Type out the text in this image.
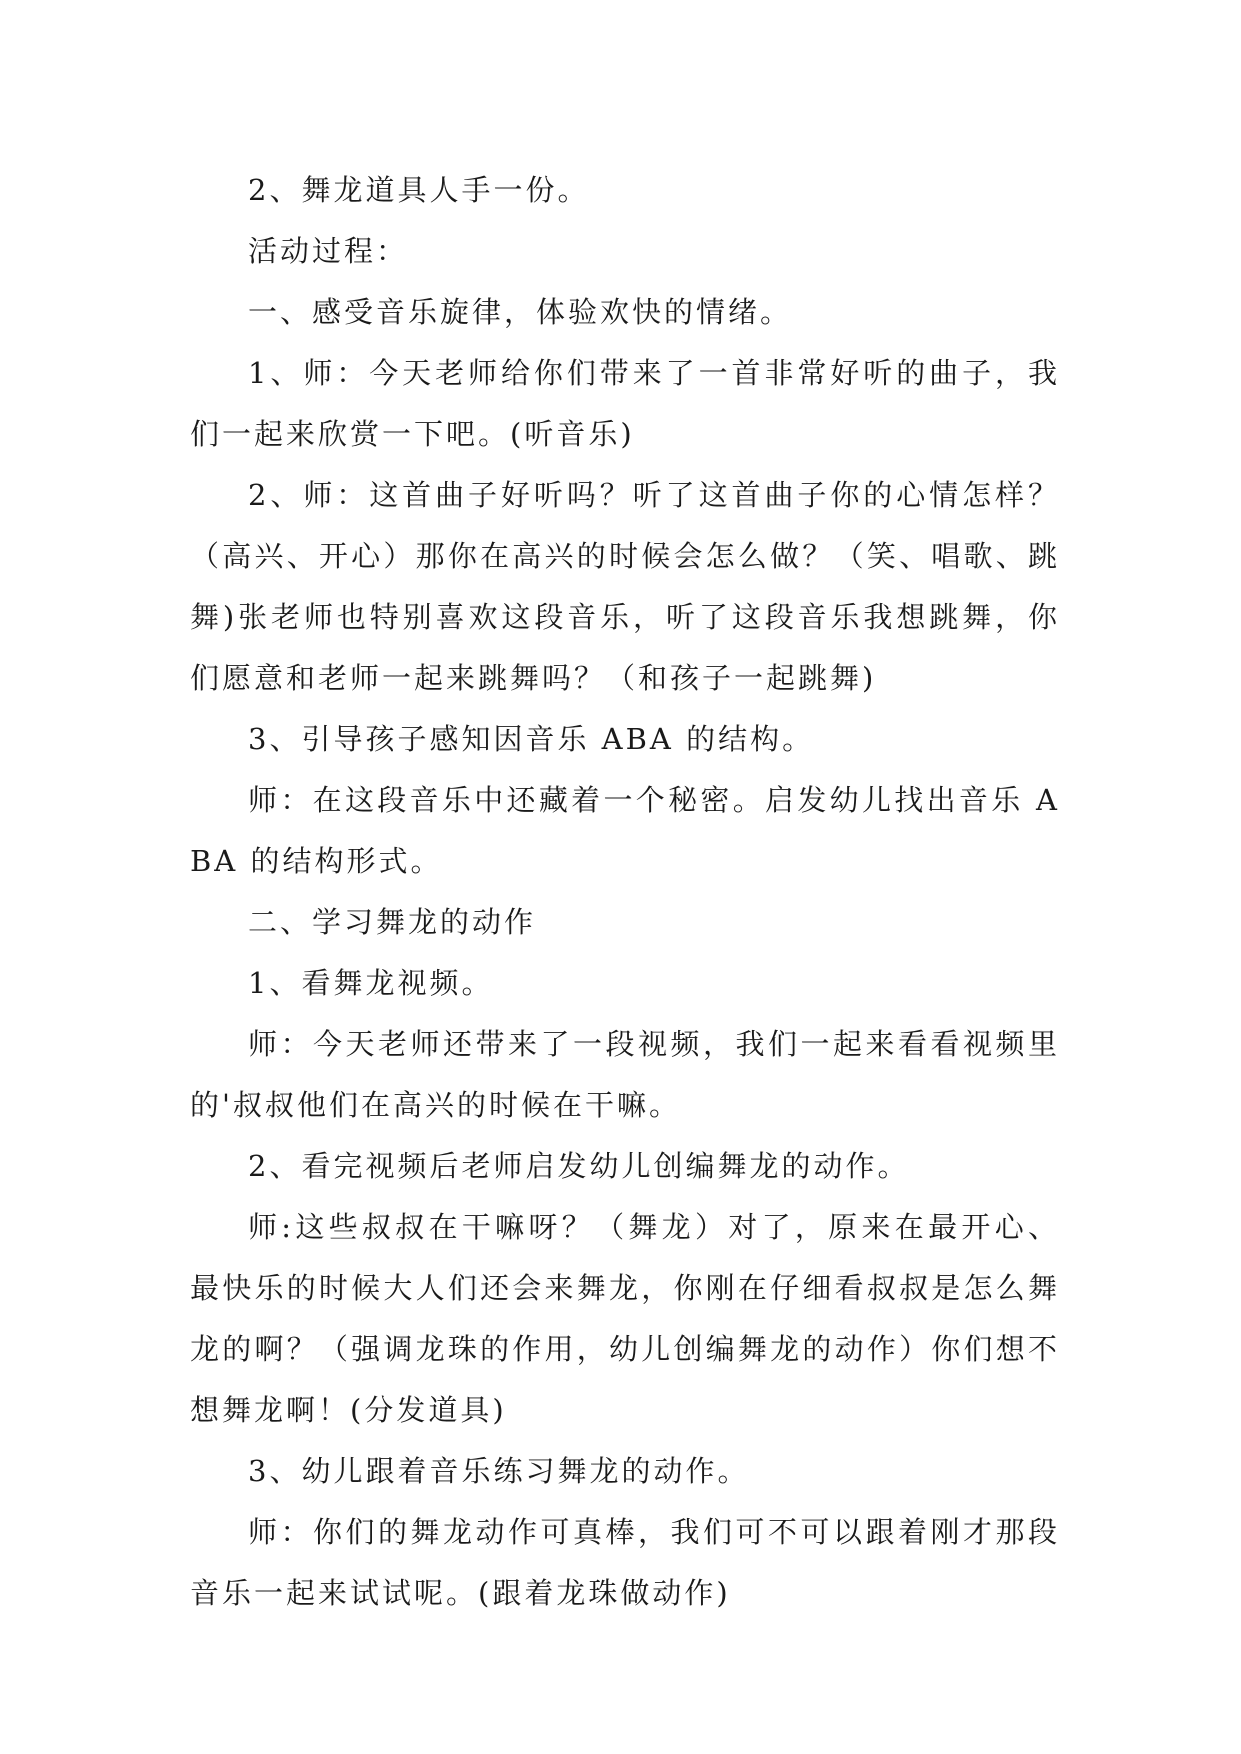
2、舞龙道具人手一份。

活动过程：

一、感受音乐旋律，体验欢快的情绪。

1、师：今天老师给你们带来了一首非常好听的曲子，我们一起来欣赏一下吧。(听音乐)

2、师：这首曲子好听吗？听了这首曲子你的心情怎样？（高兴、开心）那你在高兴的时候会怎么做？（笑、唱歌、跳舞)张老师也特别喜欢这段音乐，听了这段音乐我想跳舞，你们愿意和老师一起来跳舞吗？（和孩子一起跳舞)

3、引导孩子感知因音乐 ABA 的结构。

师：在这段音乐中还藏着一个秘密。启发幼儿找出音乐 ABA 的结构形式。

二、学习舞龙的动作

1、看舞龙视频。

师：今天老师还带来了一段视频，我们一起来看看视频里的'叔叔他们在高兴的时候在干嘛。

2、看完视频后老师启发幼儿创编舞龙的动作。

师:这些叔叔在干嘛呀？（舞龙）对了，原来在最开心、最快乐的时候大人们还会来舞龙，你刚在仔细看叔叔是怎么舞龙的啊？（强调龙珠的作用，幼儿创编舞龙的动作）你们想不想舞龙啊！(分发道具)

3、幼儿跟着音乐练习舞龙的动作。

师：你们的舞龙动作可真棒，我们可不可以跟着刚才那段音乐一起来试试呢。(跟着龙珠做动作)
